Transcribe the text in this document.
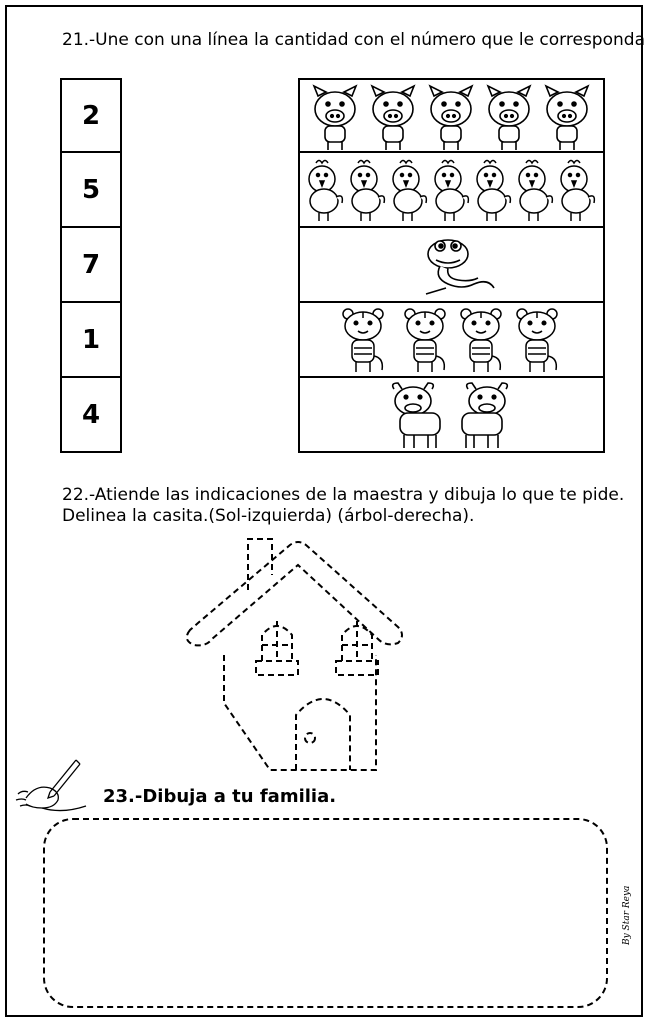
21.-Une con una línea la cantidad con el número que le corresponda
2
5
7
1
4
22.-Atiende las indicaciones de la maestra y dibuja lo que te pide.
Delinea la casita.(Sol-izquierda) (árbol-derecha).
23.-Dibuja a tu familia.
By Star Reya
